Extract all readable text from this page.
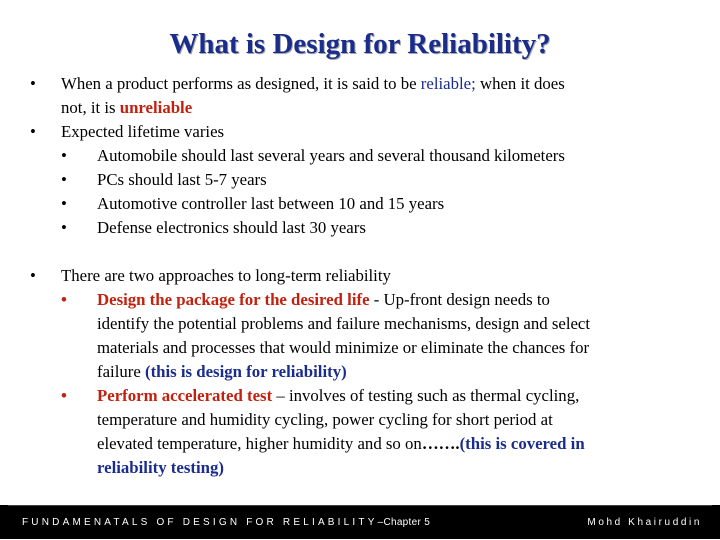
What is Design for Reliability?
• When a product performs as designed, it is said to be reliable; when it does
not, it is unreliable
• Expected lifetime varies
• Automobile should last several years and several thousand kilometers
• PCs should last 5-7 years
• Automotive controller last between 10 and 15 years
• Defense electronics should last 30 years
• There are two approaches to long-term reliability
• Design the package for the desired life - Up-front design needs to
identify the potential problems and failure mechanisms, design and select
materials and processes that would minimize or eliminate the chances for
failure (this is design for reliability)
• Perform accelerated test – involves of testing such as thermal cycling,
temperature and humidity cycling, power cycling for short period at
elevated temperature, higher humidity and so on…….(this is covered in
reliability testing)
FUNDAMENATALS OF DESIGN FOR RELIABILITY–Chapter 5	Mohd Khairuddin
